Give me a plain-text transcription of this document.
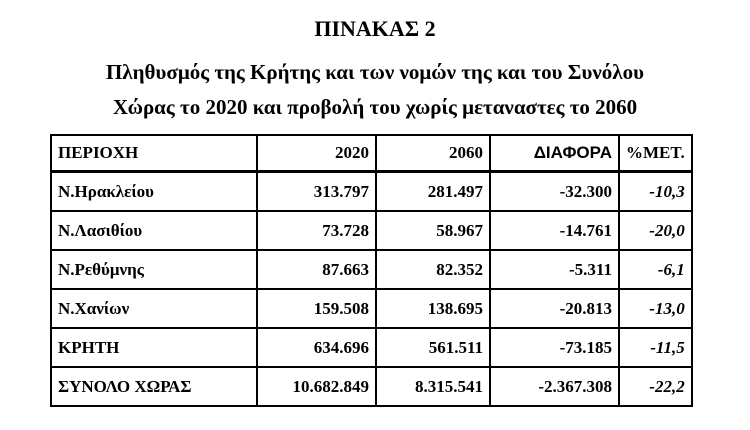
ΠΙΝΑΚΑΣ 2
Πληθυσμός της Κρήτης και των νομών της και του Συνόλου
Χώρας το 2020 και προβολή του χωρίς μεταναστες το 2060
ΠΕΡΙΟΧΗ	2020	2060	ΔΙΑΦΟΡΑ	%ΜΕΤ.
Ν.Ηρακλείου	313.797	281.497	-32.300	-10,3
Ν.Λασιθίου	73.728	58.967	-14.761	-20,0
Ν.Ρεθύμνης	87.663	82.352	-5.311	-6,1
Ν.Χανίων	159.508	138.695	-20.813	-13,0
ΚΡΗΤΗ	634.696	561.511	-73.185	-11,5
ΣΥΝΟΛΟ ΧΩΡΑΣ	10.682.849	8.315.541	-2.367.308	-22,2
